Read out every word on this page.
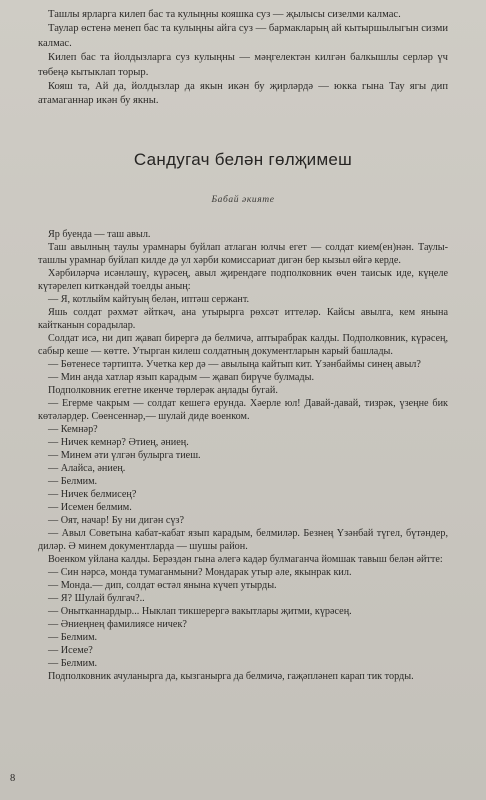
Ташлы ярларга килеп бас та кулыңны кояшка суз — җылысы сизелми калмас.

Таулар өстенә менеп бас та кулыңны айга суз — бармакларың ай кытыршылыгын сизми калмас.

Килеп бас та йолдызларга суз кулыңны — мәңгелектән килгән балкышлы серләр үч төбеңә кытыклап торыр.

Кояш та, Ай да, йолдызлар да якын икән бу җирләрдә — юкка гына Тау ягы дип атамаганнар икән бу якны.

Сандугач белән гөлҗимеш
Бабай әкияте

Яр буенда — таш авыл.

Таш авылның таулы урамнары буйлап атлаган юлчы егет — солдат кием(ен)нән. Таулы-ташлы урамнар буйлап килде дә ул хәрби комиссариат дигән бер кызыл өйгә керде.

Хәрбиләрчә исәнләшү, күрәсең, авыл җирендәге подполковник өчен таисык иде, күңеле күтәрелеп киткәндәй тоелды аның:

— Я, котлыйм кайтуың белән, иптәш сержант.

Яшь солдат рәхмәт әйткәч, ана утырырга рөхсәт иттеләр. Кайсы авылга, кем янына кайтканын сорадылар.

Солдат исә, ни дип җавап бирергә дә белмичә, аптырабрак калды. Подполковник, күрәсең, сабыр кеше — көтте. Утырган килеш солдатның документларын карый башлады.

— Бөтенесе тәртиптә. Учетка кер дә — авылыңа кайтып кит. Үзәнбаймы синең авыл?

— Мин анда хатлар язып карадым — җавап бирүче булмады.

Подполковник егетне икенче төрлерәк аңлады бугай.

— Егерме чакрым — солдат кешегә ерунда. Хәерле юл! Давай-давай, тизрәк, үзеңне бик көтәләрдер. Сөенсеннәр,— шулай диде военком.

— Кемнәр?

— Ничек кемнәр? Әтиең, әниең.

— Минем әти үлгән булырга тиеш.

— Алайса, әниең.

— Белмим.

— Ничек белмисең?

— Исемен белмим.

— Оят, начар! Бу ни дигән сүз?

— Авыл Советына кабат-кабат язып карадым, белмиләр. Безнең Үзәнбай түгел, бүтәндер, диләр. Ә минем документларда — шушы район.

Военком уйлана калды. Берәздән гына әлегә кадәр булмаганча йомшак тавыш белән әйтте:

— Син нәрсә, монда тумаганмыни? Мондарак утыр әле, якынрак кил.

— Монда.— дип, солдат өстәл янына күчеп утырды.

— Я? Шулай булгач?..

— Онытканнардыр... Ныклап тикшерергә вакытлары җитми, күрәсең.

— Әниеңнең фамилиясе ничек?

— Белмим.

— Исеме?

— Белмим.

Подполковник ачуланырга да, кызганырга да белмичә, гаҗәпләнеп карап тик торды.

8
